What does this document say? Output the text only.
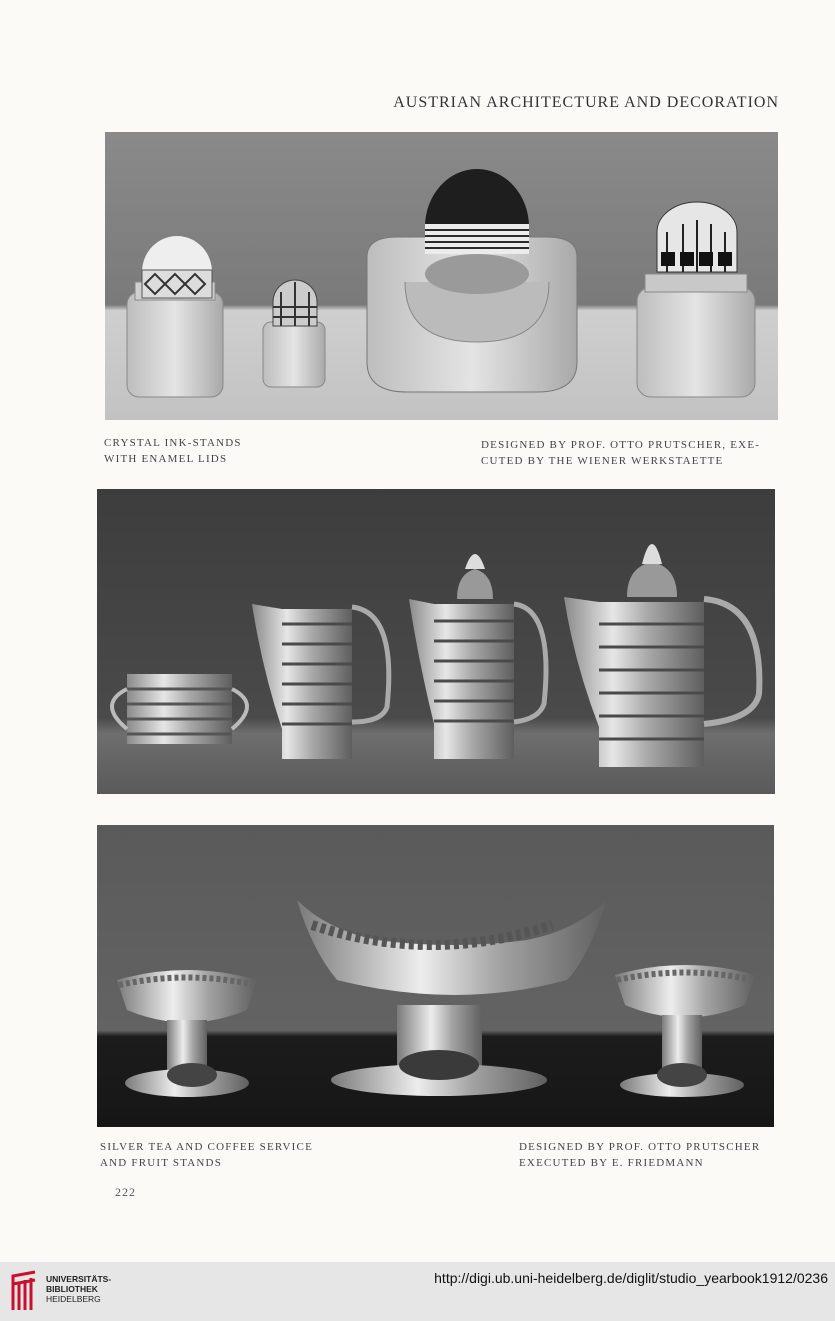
AUSTRIAN ARCHITECTURE AND DECORATION
CRYSTAL INK-STANDS
WITH ENAMEL LIDS
DESIGNED BY PROF. OTTO PRUTSCHER, EXE-
CUTED BY THE WIENER WERKSTAETTE
SILVER TEA AND COFFEE SERVICE
AND FRUIT STANDS
DESIGNED BY PROF. OTTO PRUTSCHER
EXECUTED BY E. FRIEDMANN
222
UNIVERSITÄTS-
BIBLIOTHEK
HEIDELBERG
http://digi.ub.uni-heidelberg.de/diglit/studio_yearbook1912/0236
